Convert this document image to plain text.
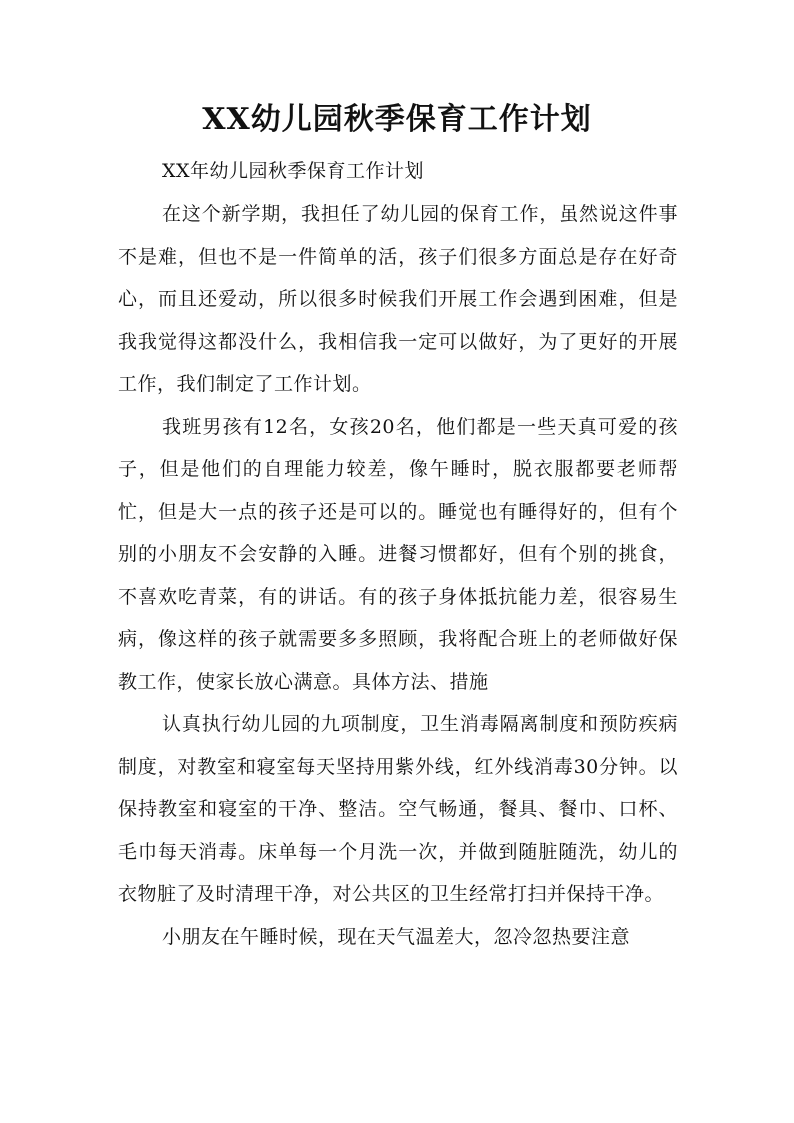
XX幼儿园秋季保育工作计划

XX年幼儿园秋季保育工作计划

在这个新学期，我担任了幼儿园的保育工作，虽然说这件事不是难，但也不是一件简单的活，孩子们很多方面总是存在好奇心，而且还爱动，所以很多时候我们开展工作会遇到困难，但是我我觉得这都没什么，我相信我一定可以做好，为了更好的开展工作，我们制定了工作计划。

我班男孩有12名，女孩20名，他们都是一些天真可爱的孩子，但是他们的自理能力较差，像午睡时，脱衣服都要老师帮忙，但是大一点的孩子还是可以的。睡觉也有睡得好的，但有个别的小朋友不会安静的入睡。进餐习惯都好，但有个别的挑食，不喜欢吃青菜，有的讲话。有的孩子身体抵抗能力差，很容易生病，像这样的孩子就需要多多照顾，我将配合班上的老师做好保教工作，使家长放心满意。具体方法、措施

认真执行幼儿园的九项制度，卫生消毒隔离制度和预防疾病制度，对教室和寝室每天坚持用紫外线，红外线消毒30分钟。以保持教室和寝室的干净、整洁。空气畅通，餐具、餐巾、口杯、毛巾每天消毒。床单每一个月洗一次，并做到随脏随洗，幼儿的衣物脏了及时清理干净，对公共区的卫生经常打扫并保持干净。

小朋友在午睡时候，现在天气温差大，忽冷忽热要注意
